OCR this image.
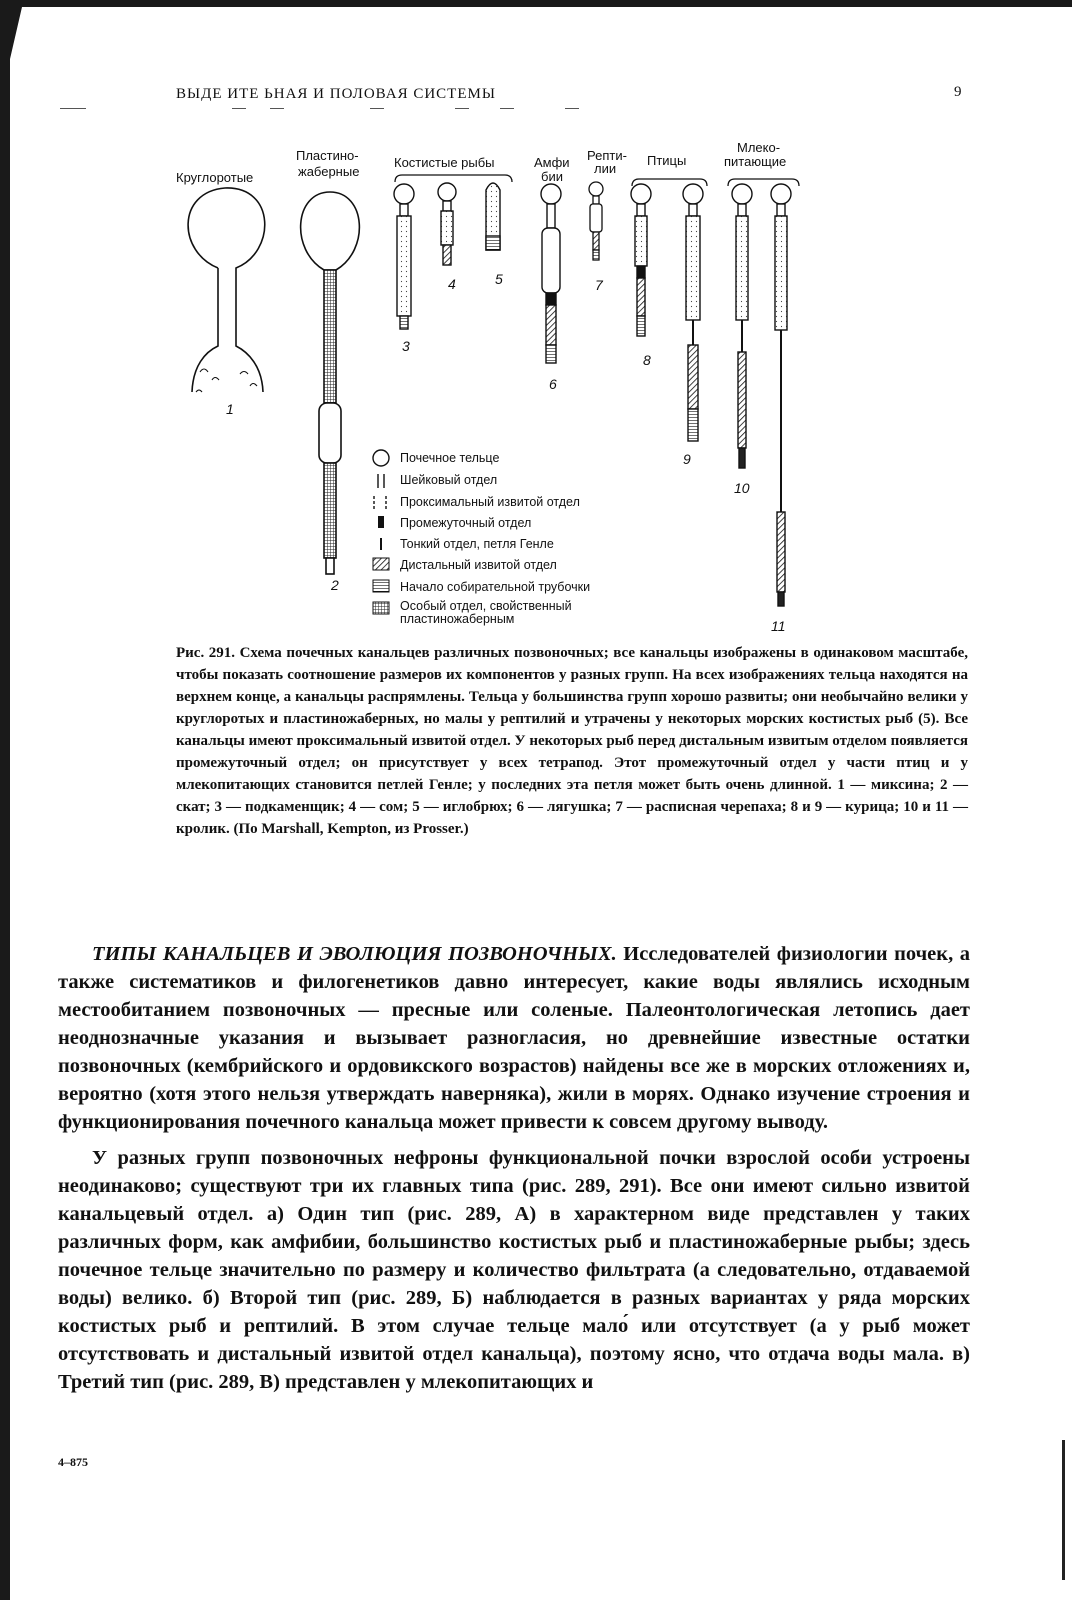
ВЫДЕ ИТЕ ЬНАЯ И ПОЛОВАЯ СИСТЕМЫ	9
Круглоротые
Пластино-
жаберные
Костистые рыбы	Амфи
бии
Репти-
лии
Птицы
Млеко-
питающие
1
2
3
4	5
6
7
8
9
10
11
Почечное тельце
Шейковый отдел
Проксимальный извитой отдел
Промежуточный отдел
Тонкий отдел, петля Генле
Дистальный извитой отдел
Начало собирательной трубочки
Особый отдел, свойственный
пластиножаберным
Рис. 291. Схема почечных канальцев различных позвоночных; все канальцы изображены в одинаковом масштабе, чтобы показать соотношение размеров их компонентов у разных групп. На всех изображениях тельца находятся на верхнем конце, а канальцы распрямлены. Тельца у большинства групп хорошо развиты; они необычайно велики у круглоротых и пластиножаберных, но малы у рептилий и утрачены у некоторых морских костистых рыб (5). Все канальцы имеют проксимальный извитой отдел. У некоторых рыб перед дистальным извитым отделом появляется промежуточный отдел; он присутствует у всех тетрапод. Этот промежуточный отдел у части птиц и у млекопитающих становится петлей Генле; у последних эта петля может быть очень длинной. 1 — миксина; 2 — скат; 3 — подкаменщик; 4 — сом; 5 — иглобрюх; 6 — лягушка; 7 — расписная черепаха; 8 и 9 — курица; 10 и 11 — кролик. (По Marshall, Kempton, из Prosser.)

ТИПЫ КАНАЛЬЦЕВ И ЭВОЛЮЦИЯ ПОЗВОНОЧНЫХ. Исследователей физиологии почек, а также систематиков и филогенетиков давно интересует, какие воды являлись исходным местообитанием позвоночных — пресные или соленые. Палеонтологическая летопись дает неоднозначные указания и вызывает разногласия, но древнейшие известные остатки позвоночных (кембрийского и ордовикского возрастов) найдены все же в морских отложениях и, вероятно (хотя этого нельзя утверждать наверняка), жили в морях. Однако изучение строения и функционирования почечного канальца может привести к совсем другому выводу.

У разных групп позвоночных нефроны функциональной почки взрослой особи устроены неодинаково; существуют три их главных типа (рис. 289, 291). Все они имеют сильно извитой канальцевый отдел. а) Один тип (рис. 289, А) в характерном виде представлен у таких различных форм, как амфибии, большинство костистых рыб и пластиножаберные рыбы; здесь почечное тельце значительно по размеру и количество фильтрата (а следовательно, отдаваемой воды) велико. б) Второй тип (рис. 289, Б) наблюдается в разных вариантах у ряда морских костистых рыб и рептилий. В этом случае тельце мало́ или отсутствует (а у рыб может отсутствовать и дистальный извитой отдел канальца), поэтому ясно, что отдача воды мала. в) Третий тип (рис. 289, В) представлен у млекопитающих и

4–875
